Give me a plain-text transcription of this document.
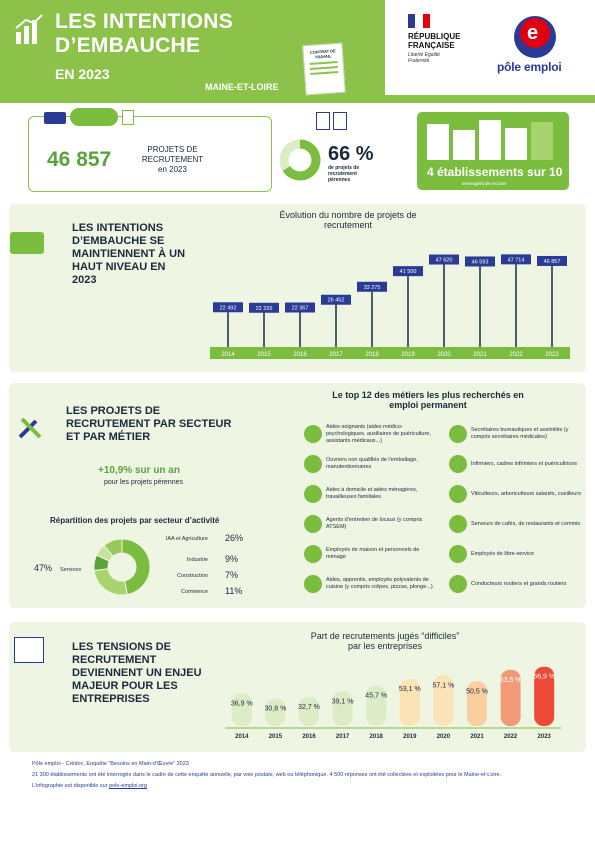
LES INTENTIONS
D’EMBAUCHE
EN 2023
MAINE-ET-LOIRE
CONTRAT DE TRAVAIL
RÉPUBLIQUE FRANÇAISE
Liberté Égalité Fraternité
e
pôle emploi
46 857	PROJETS DE RECRUTEMENT en 2023
66 %
de projets de recrutement pérennes
4 établissements sur 10
envisagent de recruter
LES INTENTIONS D’EMBAUCHE SE MAINTIENNENT À UN HAUT NIVEAU EN 2023
Évolution du nombre de projets de recrutement
22 492
2014
22 226
2015
22 367
2016
26 452
2017
33 275
2018
41 500
2019
47 620
2020
46 593
2021
47 714
2022
46 857
2023
LES PROJETS DE RECRUTEMENT PAR SECTEUR ET PAR MÉTIER
+10,9% sur un an
pour les projets pérennes
Répartition des projets par secteur d’activité
47% Services
IAA et Agriculture 26%
Industrie 9%
Construction 7%
Commerce 11%
Le top 12 des métiers les plus recherchés en emploi permanent
Aides-soignants (aides médico-psychologiques, auxiliaires de puériculture, assistants médicaux...)
Ouvriers non qualifiés de l’emballage, manutentionnaires
Aides à domicile et aides ménagères, travailleuses familiales
Agents d’entretien de locaux (y compris ATSEM)
Employés de maison et personnels de ménage
Aides, apprentis, employés polyvalents de cuisine (y compris crêpes, pizzas, plonge...)
Secrétaires bureautiques et assimilés (y compris secrétaires médicales)
Infirmiers, cadres infirmiers et puéricultrices
Viticulteurs, arboriculteurs salariés, cueilleurs
Serveurs de cafés, de restaurants et commis
Employés de libre-service
Conducteurs routiers et grands routiers
LES TENSIONS DE RECRUTEMENT DEVIENNENT UN ENJEU MAJEUR POUR LES ENTREPRISES
Part de recrutements jugés “difficiles” par les entreprises
36,9 %
2014
30,8 %
2015
32,7 %
2016
39,1 %
2017
45,7 %
2018
53,1 %
2019
57,1 %
2020
50,5 %
2021
63,5 %
2022
66,9 %
2023
Pôle emploi - Crédoc, Enquête “Besoins en Main-d’Œuvre” 2023
21 300 établissements ont été interrogés dans le cadre de cette enquête annuelle, par voie postale, web ou téléphonique. 4 500 réponses ont été collectées et exploitées pour le Maine-et-Loire.
L’infographie est disponible sur pole-emploi.org
